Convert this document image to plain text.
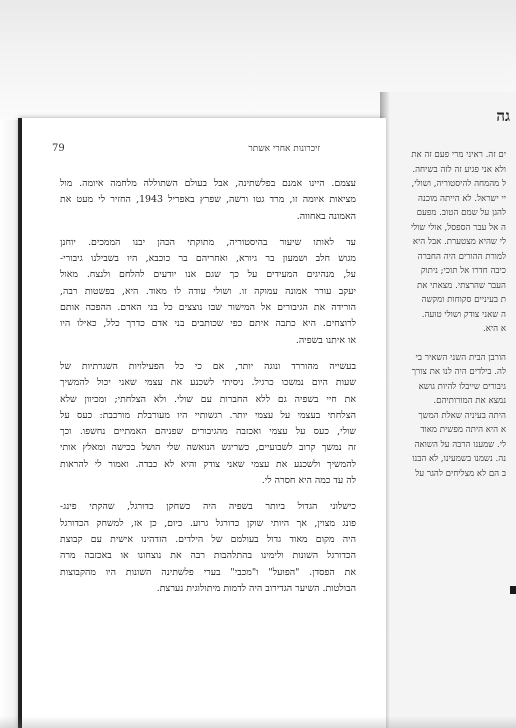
גה
ים זה. ראיני מרי פעם זה את
ולא אני פגיע זה לזה בשיחה.
ל מהמחה להיסטוריה, ושולי,
יי ישראל. לא הייתה מוכנה
להגן על שמם הטוב. מפעם
ה אל עבר הספסל, אולי שולי
לי שהיא מצטערת. אבל היא
למורת ההורים היה החברה
כיבה חדרו אל תוכי; ניתוק
העבר שהרצתי. מצאתי את
ת בעיניים סקוחות ומקשה
ה שאני צודק ושולי טועה.
א היא.
הורבן הבית השני השאיר בי
לה. בילדים היה לנו את צורך
גיבורים שייבלו להיות גושא
נמצא את המורותיהם.
היתה בעיניה שאלת המשך
א היא היתה מפשית מאוד
לי. שמענו הרבה על השואה
נה. נשמנו בשמעינו, לא הבנו
ב הם לא מצליחים להגר על
79	זיכרונות אחרי אשתר
עצמם. היינו אמנם בפלשתינה, אבל בעולם השתוללה מלחמה איומה. מול
מציאות איומה זו, מרד גטו ורשה, שפרץ באפריל 1943, החזיר לי מעט את
האמונה באחווה.
עד לאותו שיעור בהיסטוריה, מתוקתי הכהן יבנו הממכים. יוחנן
מגוש חלב ושמעון בר גיורא, ואחריהם בר כוכבא, היו בשבילנו גיבורי-
על, מנהיגים המעידים על כך שגם אנו יודעים להלחם ולנצח. מאול
יעקב עורר אמונה עמוקה זו. ושולי עודה לו מאוד. היא, בפשטות רבה,
הורידה את הגיבורים אל המישור שבו נוצצים כל בני האדם. ההפכה אותם
לרוצחים. היא כתבה איתם כפי שכותבים בני אדם כדרך כלל, כאילו היו
או איתנו בשפיה.
בעשייה מהוררד ונוגה יותר, אם כי כל הפעילויות השגרתיות של
שעות היום נמשכו כרגיל. ניסיתי לשכנע את עצמי שאני יכול להמשיך
את חיי בשפיה גם ללא החברות עם שולי. ולא הצלחתי; ומכיוון שלא
הצלחתי בעצמי על עצמי יותר. רגשותיי היו מעורבלת מורכבת: כעס על
שולי, כעס על עצמי ואכזבה מהגיבורים שפניהם האמתיים נחשפו. וכך
זה נמשך קרוב לשבועיים, כשריגש הנואשה שלי הושל בכישה ומאלץ אותי
להמשיך ולשכנע את עצמי שאני צודק והיא לא כבדה. ואמור לי להראות
לה עד כמה היא חסרה לי.
כישלוני הגדול ביותר בשפיה היה כשחקן כדורגל, שהקתי פינג-
פונג מצוין, אך היותי שוקן כדורגל גרוע. כיום, כן אז, למשחק הכדורגל
היה מקום מאוד גדול בעולמם של הילדים. הזדהינו אישית עם קבוצת
הכדורגל השונות ולימינו בהתלהבות רבה את נוצחונו או באכזבה מרה
את הפסדן. "הפועל" ו"מכבי" בערי פלשתינה השונות היו מהקבוצות
הבולטות. השיער הגדירוב היה לדמות מיתולוגית נערצת.
